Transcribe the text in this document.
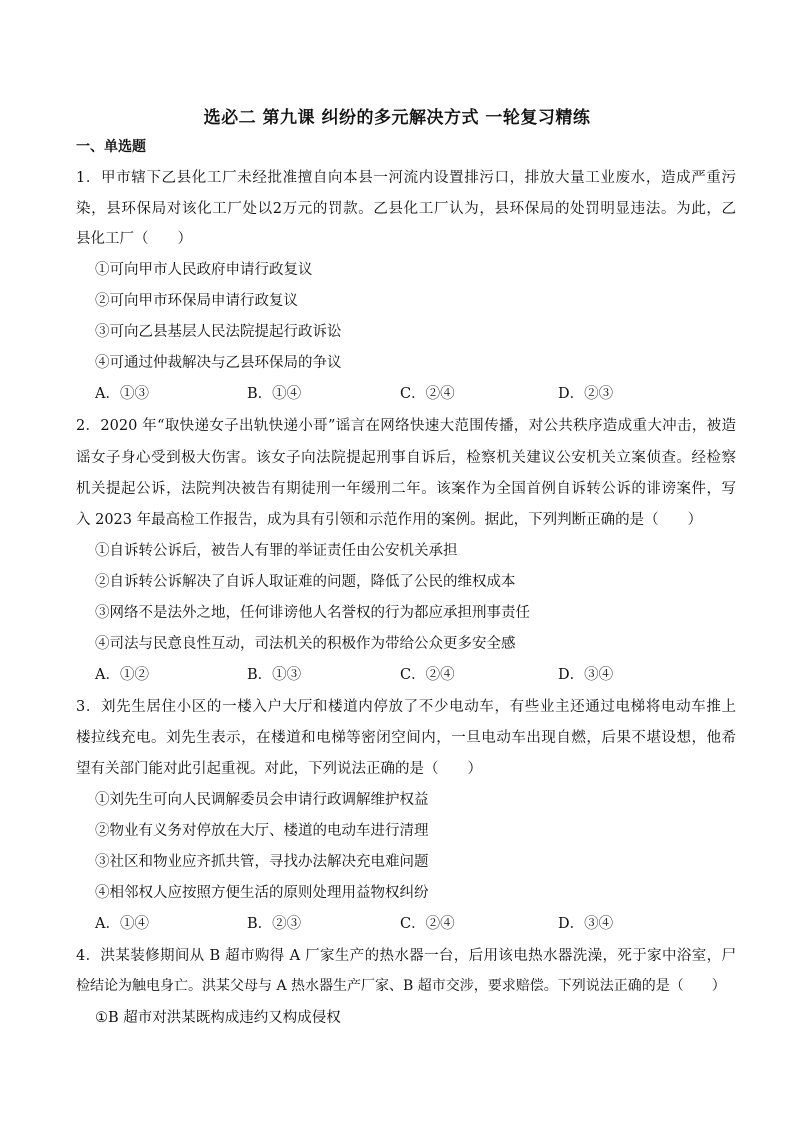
选必二 第九课 纠纷的多元解决方式 一轮复习精练
一、单选题
1．甲市辖下乙县化工厂未经批准擅自向本县一河流内设置排污口，排放大量工业废水，造成严重污
染，县环保局对该化工厂处以2万元的罚款。乙县化工厂认为，县环保局的处罚明显违法。为此，乙
县化工厂（　　）
①可向甲市人民政府申请行政复议
②可向甲市环保局申请行政复议
③可向乙县基层人民法院提起行政诉讼
④可通过仲裁解决与乙县环保局的争议
A．①③	B．①④	C．②④	D．②③
2．2020 年“取快递女子出轨快递小哥”谣言在网络快速大范围传播，对公共秩序造成重大冲击，被造
谣女子身心受到极大伤害。该女子向法院提起刑事自诉后，检察机关建议公安机关立案侦查。经检察
机关提起公诉，法院判决被告有期徒刑一年缓刑二年。该案作为全国首例自诉转公诉的诽谤案件，写
入 2023 年最高检工作报告，成为具有引领和示范作用的案例。据此，下列判断正确的是（　　）
①自诉转公诉后，被告人有罪的举证责任由公安机关承担
②自诉转公诉解决了自诉人取证难的问题，降低了公民的维权成本
③网络不是法外之地，任何诽谤他人名誉权的行为都应承担刑事责任
④司法与民意良性互动，司法机关的积极作为带给公众更多安全感
A．①②	B．①③	C．②④	D．③④
3．刘先生居住小区的一楼入户大厅和楼道内停放了不少电动车，有些业主还通过电梯将电动车推上
楼拉线充电。刘先生表示，在楼道和电梯等密闭空间内，一旦电动车出现自燃，后果不堪设想，他希
望有关部门能对此引起重视。对此，下列说法正确的是（　　）
①刘先生可向人民调解委员会申请行政调解维护权益
②物业有义务对停放在大厅、楼道的电动车进行清理
③社区和物业应齐抓共管，寻找办法解决充电难问题
④相邻权人应按照方便生活的原则处理用益物权纠纷
A．①④	B．②③	C．②④	D．③④
4．洪某装修期间从 B 超市购得 A 厂家生产的热水器一台，后用该电热水器洗澡，死于家中浴室，尸
检结论为触电身亡。洪某父母与 A 热水器生产厂家、B 超市交涉，要求赔偿。下列说法正确的是（　　）
①B 超市对洪某既构成违约又构成侵权
